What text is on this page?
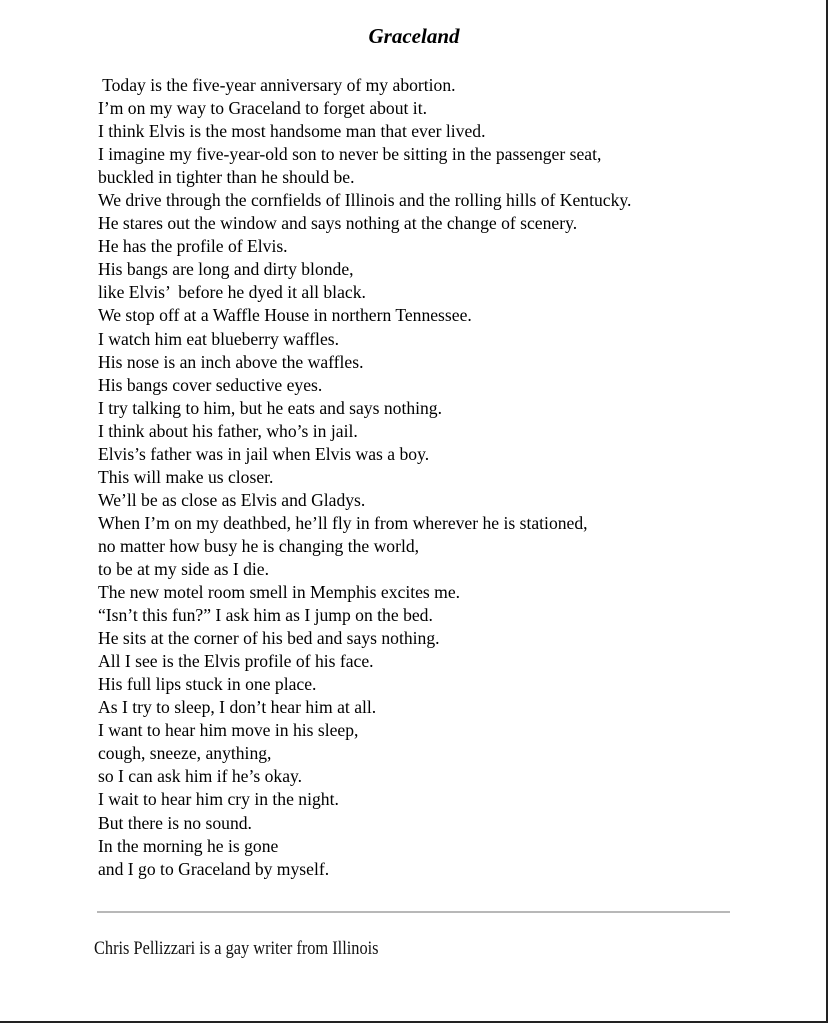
Graceland
Today is the five-year anniversary of my abortion.
I’m on my way to Graceland to forget about it.
I think Elvis is the most handsome man that ever lived.
I imagine my five-year-old son to never be sitting in the passenger seat,
buckled in tighter than he should be.
We drive through the cornfields of Illinois and the rolling hills of Kentucky.
He stares out the window and says nothing at the change of scenery.
He has the profile of Elvis.
His bangs are long and dirty blonde,
like Elvis’  before he dyed it all black.
We stop off at a Waffle House in northern Tennessee.
I watch him eat blueberry waffles.
His nose is an inch above the waffles.
His bangs cover seductive eyes.
I try talking to him, but he eats and says nothing.
I think about his father, who’s in jail.
Elvis’s father was in jail when Elvis was a boy.
This will make us closer.
We’ll be as close as Elvis and Gladys.
When I’m on my deathbed, he’ll fly in from wherever he is stationed,
no matter how busy he is changing the world,
to be at my side as I die.
The new motel room smell in Memphis excites me.
“Isn’t this fun?” I ask him as I jump on the bed.
He sits at the corner of his bed and says nothing.
All I see is the Elvis profile of his face.
His full lips stuck in one place.
As I try to sleep, I don’t hear him at all.
I want to hear him move in his sleep,
cough, sneeze, anything,
so I can ask him if he’s okay.
I wait to hear him cry in the night.
But there is no sound.
In the morning he is gone
and I go to Graceland by myself.

Chris Pellizzari is a gay writer from Illinois
